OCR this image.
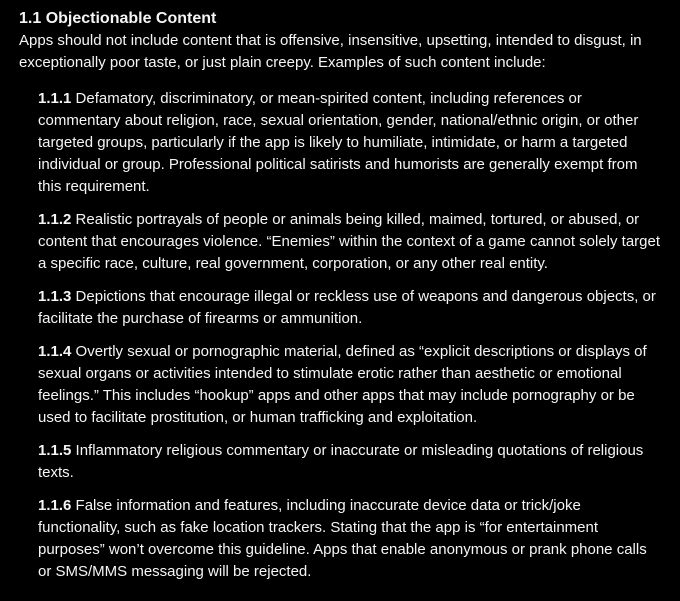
1.1 Objectionable Content

Apps should not include content that is offensive, insensitive, upsetting, intended to disgust, in exceptionally poor taste, or just plain creepy. Examples of such content include:

1.1.1 Defamatory, discriminatory, or mean-spirited content, including references or commentary about religion, race, sexual orientation, gender, national/ethnic origin, or other targeted groups, particularly if the app is likely to humiliate, intimidate, or harm a targeted individual or group. Professional political satirists and humorists are generally exempt from this requirement.
1.1.2 Realistic portrayals of people or animals being killed, maimed, tortured, or abused, or content that encourages violence. “Enemies” within the context of a game cannot solely target a specific race, culture, real government, corporation, or any other real entity.
1.1.3 Depictions that encourage illegal or reckless use of weapons and dangerous objects, or facilitate the purchase of firearms or ammunition.
1.1.4 Overtly sexual or pornographic material, defined as “explicit descriptions or displays of sexual organs or activities intended to stimulate erotic rather than aesthetic or emotional feelings.” This includes “hookup” apps and other apps that may include pornography or be used to facilitate prostitution, or human trafficking and exploitation.
1.1.5 Inflammatory religious commentary or inaccurate or misleading quotations of religious texts.
1.1.6 False information and features, including inaccurate device data or trick/joke functionality, such as fake location trackers. Stating that the app is “for entertainment purposes” won’t overcome this guideline. Apps that enable anonymous or prank phone calls or SMS/MMS messaging will be rejected.
